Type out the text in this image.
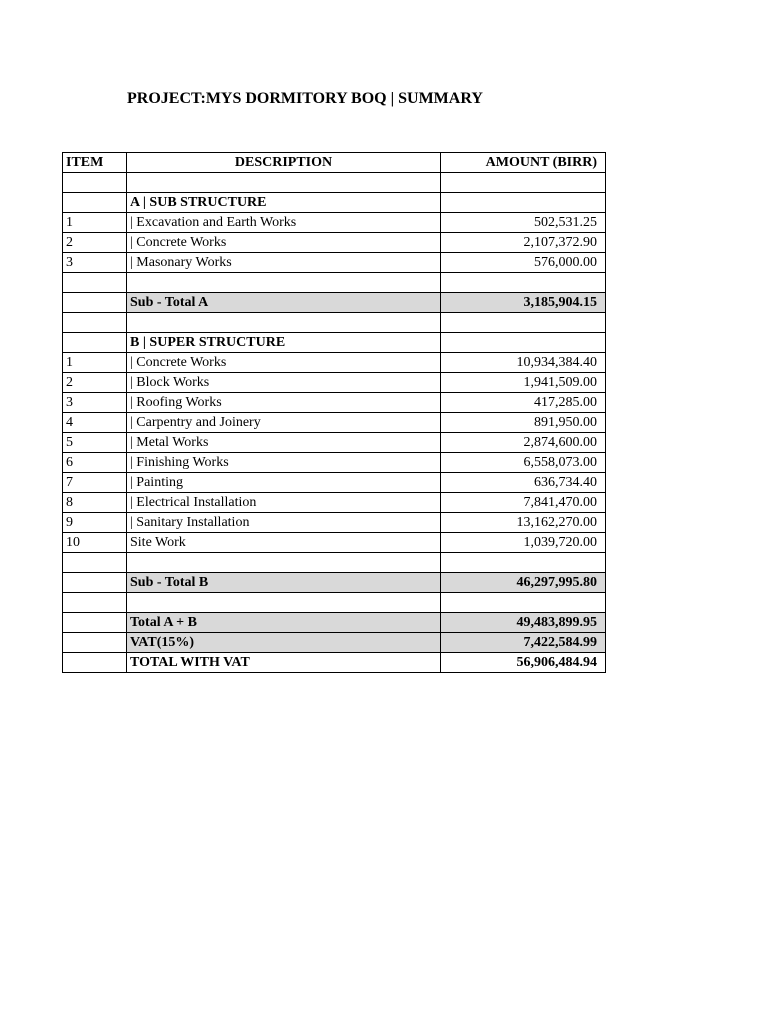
PROJECT:MYS DORMITORY BOQ | SUMMARY
ITEM	DESCRIPTION	AMOUNT (BIRR)

	A | SUB STRUCTURE	
1	| Excavation and Earth Works	502,531.25
2	| Concrete Works	2,107,372.90
3	| Masonary Works	576,000.00

	Sub - Total A	3,185,904.15

	B | SUPER STRUCTURE	
1	| Concrete Works	10,934,384.40
2	| Block Works	1,941,509.00
3	| Roofing Works	417,285.00
4	| Carpentry and Joinery	891,950.00
5	| Metal Works	2,874,600.00
6	| Finishing Works	6,558,073.00
7	| Painting	636,734.40
8	| Electrical Installation	7,841,470.00
9	| Sanitary Installation	13,162,270.00
10	Site Work	1,039,720.00

	Sub - Total B	46,297,995.80

	Total A + B	49,483,899.95
	VAT(15%)	7,422,584.99
	TOTAL WITH VAT	56,906,484.94
